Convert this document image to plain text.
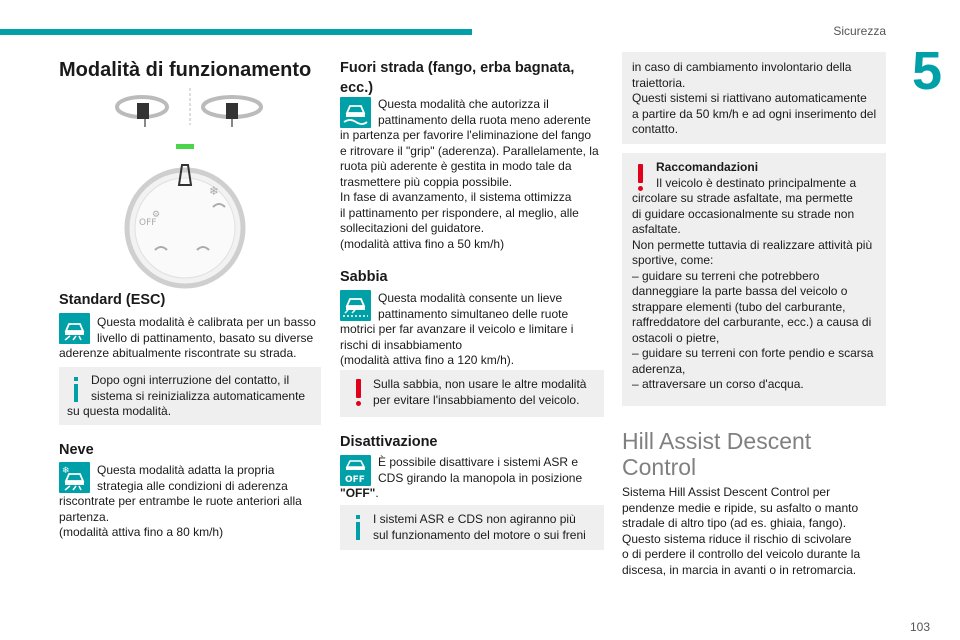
Sicurezza
5
103
Modalità di funzionamento
⚙
OFF
❄
Standard (ESC)
Questa modalità è calibrata per un basso
livello di pattinamento, basato su diverse
aderenze abitualmente riscontrate su strada.
Dopo ogni interruzione del contatto, il
sistema si reinizializza automaticamente
su questa modalità.
Neve
❄	Questa modalità adatta la propria
strategia alle condizioni di aderenza
riscontrate per entrambe le ruote anteriori alla
partenza.
(modalità attiva fino a 80 km/h)
Fuori strada (fango, erba bagnata,
ecc.)
Questa modalità che autorizza il
pattinamento della ruota meno aderente
in partenza per favorire l'eliminazione del fango
e ritrovare il "grip" (aderenza). Parallelamente, la
ruota più aderente è gestita in modo tale da
trasmettere più coppia possibile.
In fase di avanzamento, il sistema ottimizza
il pattinamento per rispondere, al meglio, alle
sollecitazioni del guidatore.
(modalità attiva fino a 50 km/h)
Sabbia
Questa modalità consente un lieve
pattinamento simultaneo delle ruote
motrici per far avanzare il veicolo e limitare i
rischi di insabbiamento
(modalità attiva fino a 120 km/h).
Sulla sabbia, non usare le altre modalità
per evitare l'insabbiamento del veicolo.
Disattivazione
OFF
È possibile disattivare i sistemi ASR e
CDS girando la manopola in posizione
"OFF".
I sistemi ASR e CDS non agiranno più
sul funzionamento del motore o sui freni
in caso di cambiamento involontario della
traiettoria.
Questi sistemi si riattivano automaticamente
a partire da 50 km/h e ad ogni inserimento del
contatto.
Raccomandazioni
Il veicolo è destinato principalmente a
circolare su strade asfaltate, ma permette
di guidare occasionalmente su strade non
asfaltate.
Non permette tuttavia di realizzare attività più
sportive, come:
– guidare su terreni che potrebbero
danneggiare la parte bassa del veicolo o
strappare elementi (tubo del carburante,
raffreddatore del carburante, ecc.) a causa di
ostacoli o pietre,
– guidare su terreni con forte pendio e scarsa
aderenza,
– attraversare un corso d'acqua.
Hill Assist Descent
Control
Sistema Hill Assist Descent Control per
pendenze medie e ripide, su asfalto o manto
stradale di altro tipo (ad es. ghiaia, fango).
Questo sistema riduce il rischio di scivolare
o di perdere il controllo del veicolo durante la
discesa, in marcia in avanti o in retromarcia.
